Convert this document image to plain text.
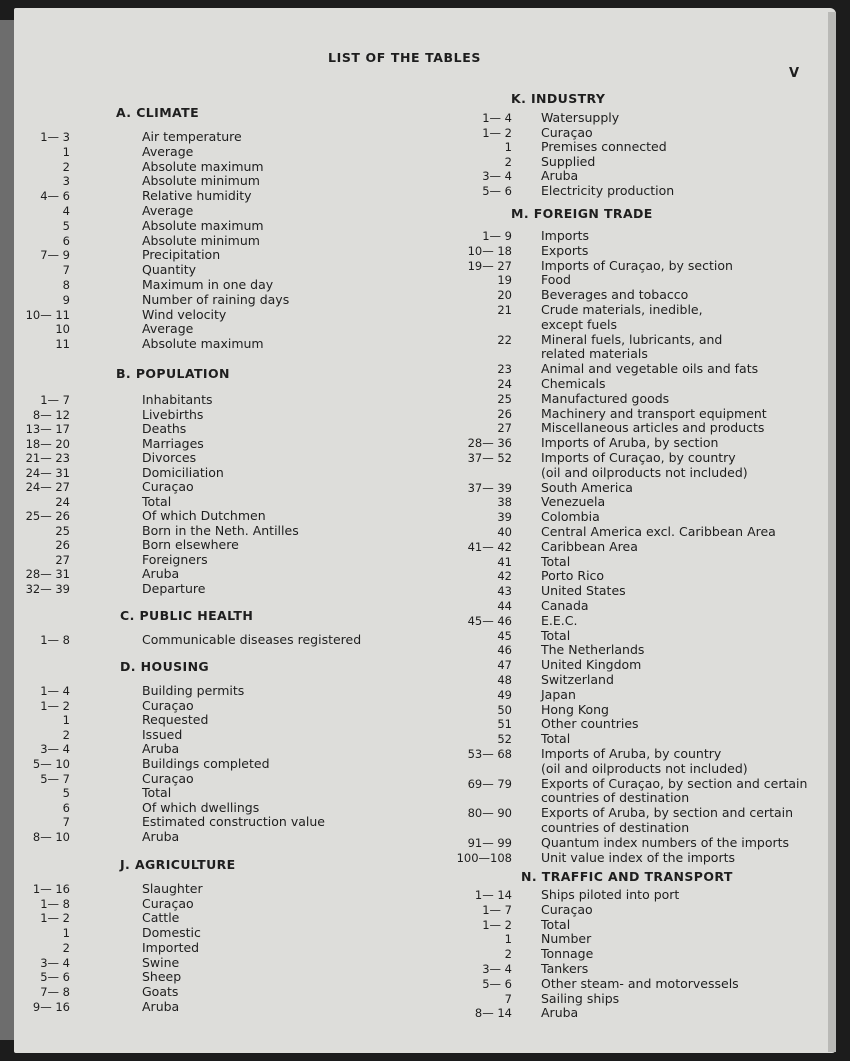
LIST OF THE TABLES
V
A. CLIMATE
1— 3	Air temperature
1	Average
2	Absolute maximum
3	Absolute minimum
4— 6	Relative humidity
4	Average
5	Absolute maximum
6	Absolute minimum
7— 9	Precipitation
7	Quantity
8	Maximum in one day
9	Number of raining days
10— 11	Wind velocity
10	Average
11	Absolute maximum
B. POPULATION
1— 7	Inhabitants
8— 12	Livebirths
13— 17	Deaths
18— 20	Marriages
21— 23	Divorces
24— 31	Domiciliation
24— 27	Curaçao
24	Total
25— 26	Of which Dutchmen
25	Born in the Neth. Antilles
26	Born elsewhere
27	Foreigners
28— 31	Aruba
32— 39	Departure
C. PUBLIC HEALTH
1— 8	Communicable diseases registered
D. HOUSING
1— 4	Building permits
1— 2	Curaçao
1	Requested
2	Issued
3— 4	Aruba
5— 10	Buildings completed
5— 7	Curaçao
5	Total
6	Of which dwellings
7	Estimated construction value
8— 10	Aruba
J. AGRICULTURE
1— 16	Slaughter
1— 8	Curaçao
1— 2	Cattle
1	Domestic
2	Imported
3— 4	Swine
5— 6	Sheep
7— 8	Goats
9— 16	Aruba
K. INDUSTRY
1— 4 Watersupply
1— 2 Curaçao
1 Premises connected
2 Supplied
3— 4 Aruba
5— 6 Electricity production
M. FOREIGN TRADE
1— 9 Imports
10— 18 Exports
19— 27 Imports of Curaçao, by section
19 Food
20 Beverages and tobacco
21 Crude materials, inedible,
except fuels
22 Mineral fuels, lubricants, and
related materials
23 Animal and vegetable oils and fats
24 Chemicals
25 Manufactured goods
26 Machinery and transport equipment
27 Miscellaneous articles and products
28— 36 Imports of Aruba, by section
37— 52 Imports of Curaçao, by country
(oil and oilproducts not included)
37— 39 South America
38 Venezuela
39 Colombia
40 Central America excl. Caribbean Area
41— 42 Caribbean Area
41 Total
42 Porto Rico
43 United States
44 Canada
45— 46 E.E.C.
45 Total
46 The Netherlands
47 United Kingdom
48 Switzerland
49 Japan
50 Hong Kong
51 Other countries
52 Total
53— 68 Imports of Aruba, by country
(oil and oilproducts not included)
69— 79 Exports of Curaçao, by section and certain
countries of destination
80— 90 Exports of Aruba, by section and certain
countries of destination
91— 99 Quantum index numbers of the imports
100—108 Unit value index of the imports
N. TRAFFIC AND TRANSPORT
1— 14 Ships piloted into port
1— 7 Curaçao
1— 2 Total
1 Number
2 Tonnage
3— 4 Tankers
5— 6 Other steam- and motorvessels
7 Sailing ships
8— 14 Aruba
